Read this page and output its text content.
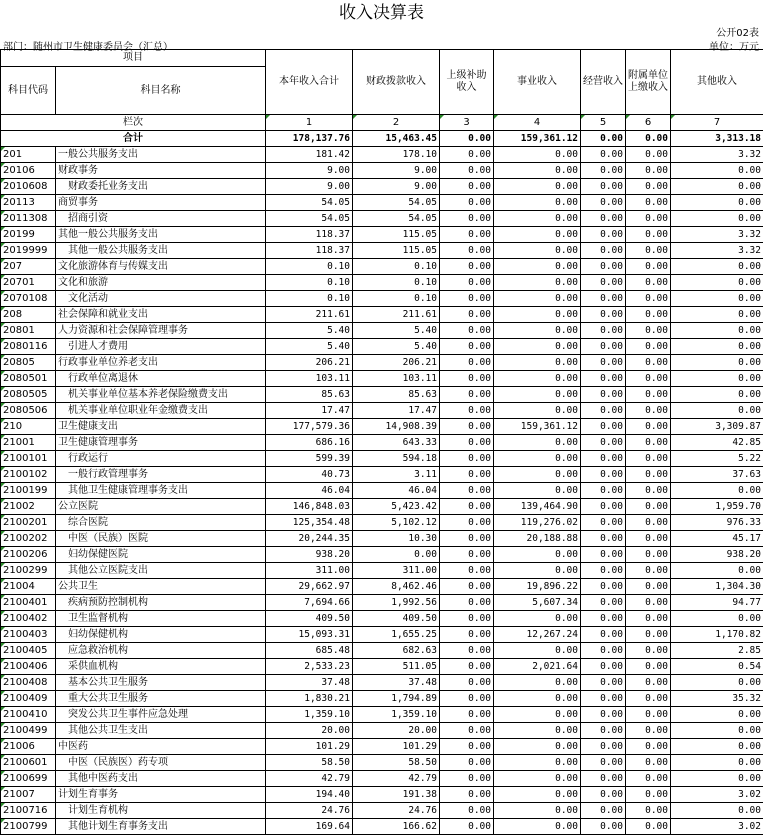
收入决算表
公开02表
部门：随州市卫生健康委员会（汇总）	单位：万元
项目		本年收入合计	财政拨款收入	上级补助收入	事业收入	经营收入	附属单位上缴收入	其他收入
科目代码	科目名称							
栏次		1	2	3	4	5	6	7
合计		178,137.76	15,463.45	0.00	159,361.12	0.00	0.00	3,313.18
201	一般公共服务支出	181.42	178.10	0.00	0.00	0.00	0.00	3.32
20106	财政事务	9.00	9.00	0.00	0.00	0.00	0.00	0.00
2010608	财政委托业务支出	9.00	9.00	0.00	0.00	0.00	0.00	0.00
20113	商贸事务	54.05	54.05	0.00	0.00	0.00	0.00	0.00
2011308	招商引资	54.05	54.05	0.00	0.00	0.00	0.00	0.00
20199	其他一般公共服务支出	118.37	115.05	0.00	0.00	0.00	0.00	3.32
2019999	其他一般公共服务支出	118.37	115.05	0.00	0.00	0.00	0.00	3.32
207	文化旅游体育与传媒支出	0.10	0.10	0.00	0.00	0.00	0.00	0.00
20701	文化和旅游	0.10	0.10	0.00	0.00	0.00	0.00	0.00
2070108	文化活动	0.10	0.10	0.00	0.00	0.00	0.00	0.00
208	社会保障和就业支出	211.61	211.61	0.00	0.00	0.00	0.00	0.00
20801	人力资源和社会保障管理事务	5.40	5.40	0.00	0.00	0.00	0.00	0.00
2080116	引进人才费用	5.40	5.40	0.00	0.00	0.00	0.00	0.00
20805	行政事业单位养老支出	206.21	206.21	0.00	0.00	0.00	0.00	0.00
2080501	行政单位离退休	103.11	103.11	0.00	0.00	0.00	0.00	0.00
2080505	机关事业单位基本养老保险缴费支出	85.63	85.63	0.00	0.00	0.00	0.00	0.00
2080506	机关事业单位职业年金缴费支出	17.47	17.47	0.00	0.00	0.00	0.00	0.00
210	卫生健康支出	177,579.36	14,908.39	0.00	159,361.12	0.00	0.00	3,309.87
21001	卫生健康管理事务	686.16	643.33	0.00	0.00	0.00	0.00	42.85
2100101	行政运行	599.39	594.18	0.00	0.00	0.00	0.00	5.22
2100102	一般行政管理事务	40.73	3.11	0.00	0.00	0.00	0.00	37.63
2100199	其他卫生健康管理事务支出	46.04	46.04	0.00	0.00	0.00	0.00	0.00
21002	公立医院	146,848.03	5,423.42	0.00	139,464.90	0.00	0.00	1,959.70
2100201	综合医院	125,354.48	5,102.12	0.00	119,276.02	0.00	0.00	976.33
2100202	中医（民族）医院	20,244.35	10.30	0.00	20,188.88	0.00	0.00	45.17
2100206	妇幼保健医院	938.20	0.00	0.00	0.00	0.00	0.00	938.20
2100299	其他公立医院支出	311.00	311.00	0.00	0.00	0.00	0.00	0.00
21004	公共卫生	29,662.97	8,462.46	0.00	19,896.22	0.00	0.00	1,304.30
2100401	疾病预防控制机构	7,694.66	1,992.56	0.00	5,607.34	0.00	0.00	94.77
2100402	卫生监督机构	409.50	409.50	0.00	0.00	0.00	0.00	0.00
2100403	妇幼保健机构	15,093.31	1,655.25	0.00	12,267.24	0.00	0.00	1,170.82
2100405	应急救治机构	685.48	682.63	0.00	0.00	0.00	0.00	2.85
2100406	采供血机构	2,533.23	511.05	0.00	2,021.64	0.00	0.00	0.54
2100408	基本公共卫生服务	37.48	37.48	0.00	0.00	0.00	0.00	0.00
2100409	重大公共卫生服务	1,830.21	1,794.89	0.00	0.00	0.00	0.00	35.32
2100410	突发公共卫生事件应急处理	1,359.10	1,359.10	0.00	0.00	0.00	0.00	0.00
2100499	其他公共卫生支出	20.00	20.00	0.00	0.00	0.00	0.00	0.00
21006	中医药	101.29	101.29	0.00	0.00	0.00	0.00	0.00
2100601	中医（民族医）药专项	58.50	58.50	0.00	0.00	0.00	0.00	0.00
2100699	其他中医药支出	42.79	42.79	0.00	0.00	0.00	0.00	0.00
21007	计划生育事务	194.40	191.38	0.00	0.00	0.00	0.00	3.02
2100716	计划生育机构	24.76	24.76	0.00	0.00	0.00	0.00	0.00
2100799	其他计划生育事务支出	169.64	166.62	0.00	0.00	0.00	0.00	3.02
